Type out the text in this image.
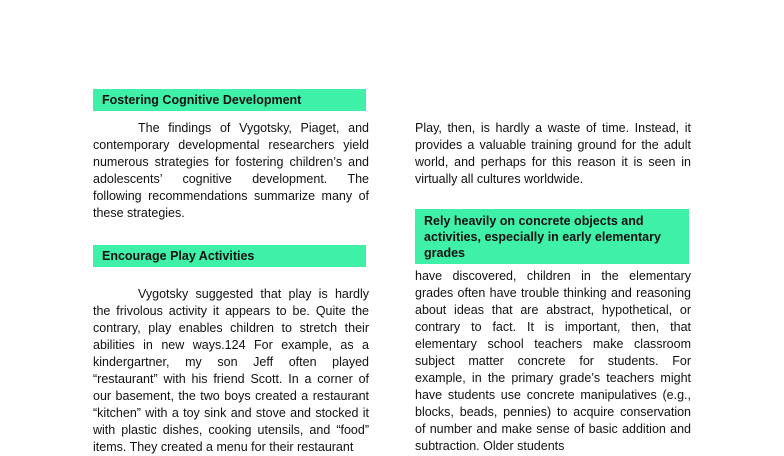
Fostering Cognitive Development

The findings of Vygotsky, Piaget, and contemporary developmental researchers yield numerous strategies for fostering children’s and adolescents’ cognitive development. The following recommendations summarize many of these strategies.

Encourage Play Activities

Vygotsky suggested that play is hardly the frivolous activity it appears to be. Quite the contrary, play enables children to stretch their abilities in new ways.124 For example, as a kindergartner, my son Jeff often played “restaurant” with his friend Scott. In a corner of our basement, the two boys created a restaurant “kitchen” with a toy sink and stove and stocked it with plastic dishes, cooking utensils, and “food” items. They created a menu for their restaurant

Play, then, is hardly a waste of time. Instead, it provides a valuable training ground for the adult world, and perhaps for this reason it is seen in virtually all cultures worldwide.

Rely heavily on concrete objects and activities, especially in early elementary grades

have discovered, children in the elementary grades often have trouble thinking and reasoning about ideas that are abstract, hypothetical, or contrary to fact. It is important, then, that elementary school teachers make classroom subject matter concrete for students. For example, in the primary grade’s teachers might have students use concrete manipulatives (e.g., blocks, beads, pennies) to acquire conservation of number and make sense of basic addition and subtraction. Older students
